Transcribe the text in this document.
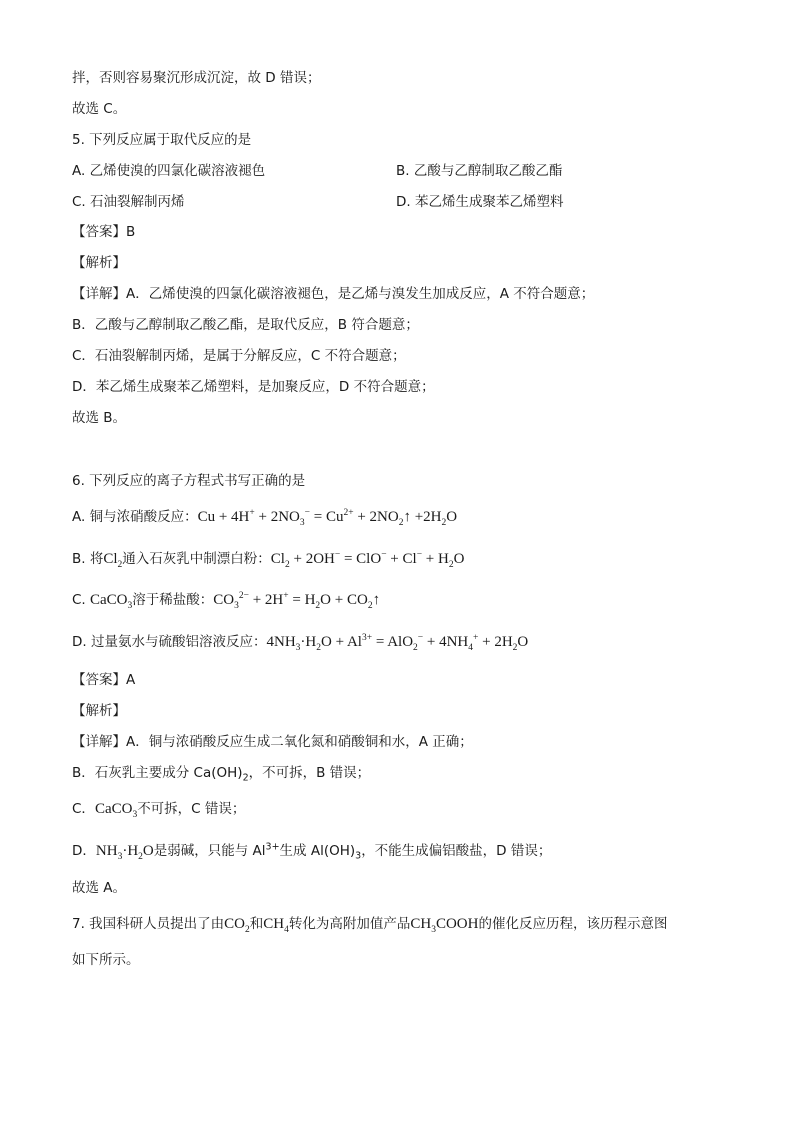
拌，否则容易聚沉形成沉淀，故 D 错误；
故选 C。
5. 下列反应属于取代反应的是
A. 乙烯使溴的四氯化碳溶液褪色	B. 乙酸与乙醇制取乙酸乙酯
C. 石油裂解制丙烯	D. 苯乙烯生成聚苯乙烯塑料
【答案】B
【解析】
【详解】A．乙烯使溴的四氯化碳溶液褪色，是乙烯与溴发生加成反应，A 不符合题意；
B．乙酸与乙醇制取乙酸乙酯，是取代反应，B 符合题意；
C．石油裂解制丙烯，是属于分解反应，C 不符合题意；
D．苯乙烯生成聚苯乙烯塑料，是加聚反应，D 不符合题意；
故选 B。
6. 下列反应的离子方程式书写正确的是
A. 铜与浓硝酸反应：$Cu + 4H^+ + 2NO_3^- = Cu^{2+}$ + $2NO_2↑ +2H_2O$
B. 将$Cl_2$通入石灰乳中制漂白粉：$Cl_2 + 2OH^- = ClO^- + Cl^- + H_2O$
C. CaCO$_3$溶于稀盐酸：$CO_3^{2-} + 2H^+ = H_2O$ + $CO_2↑$
D. 过量氨水与硫酸铝溶液反应：$4NH_3\cdot H_2O + Al^{3+} = AlO_2^- + 4NH_4^+ + 2H_2O$
【答案】A
【解析】
【详解】A．铜与浓硝酸反应生成二氧化氮和硝酸铜和水，A 正确；
B．石灰乳主要成分 $Ca(OH)_2$，不可拆，B 错误；
C．CaCO$_3$不可拆，C 错误；
D．$NH_3\cdot H_2O$是弱碱，只能与 $Al^{3+}$生成 $Al(OH)_3$，不能生成偏铝酸盐，D 错误；
故选 A。
7. 我国科研人员提出了由$CO_2$和$CH_4$转化为高附加值产品$CH_3COOH$的催化反应历程，该历程示意图
如下所示。
